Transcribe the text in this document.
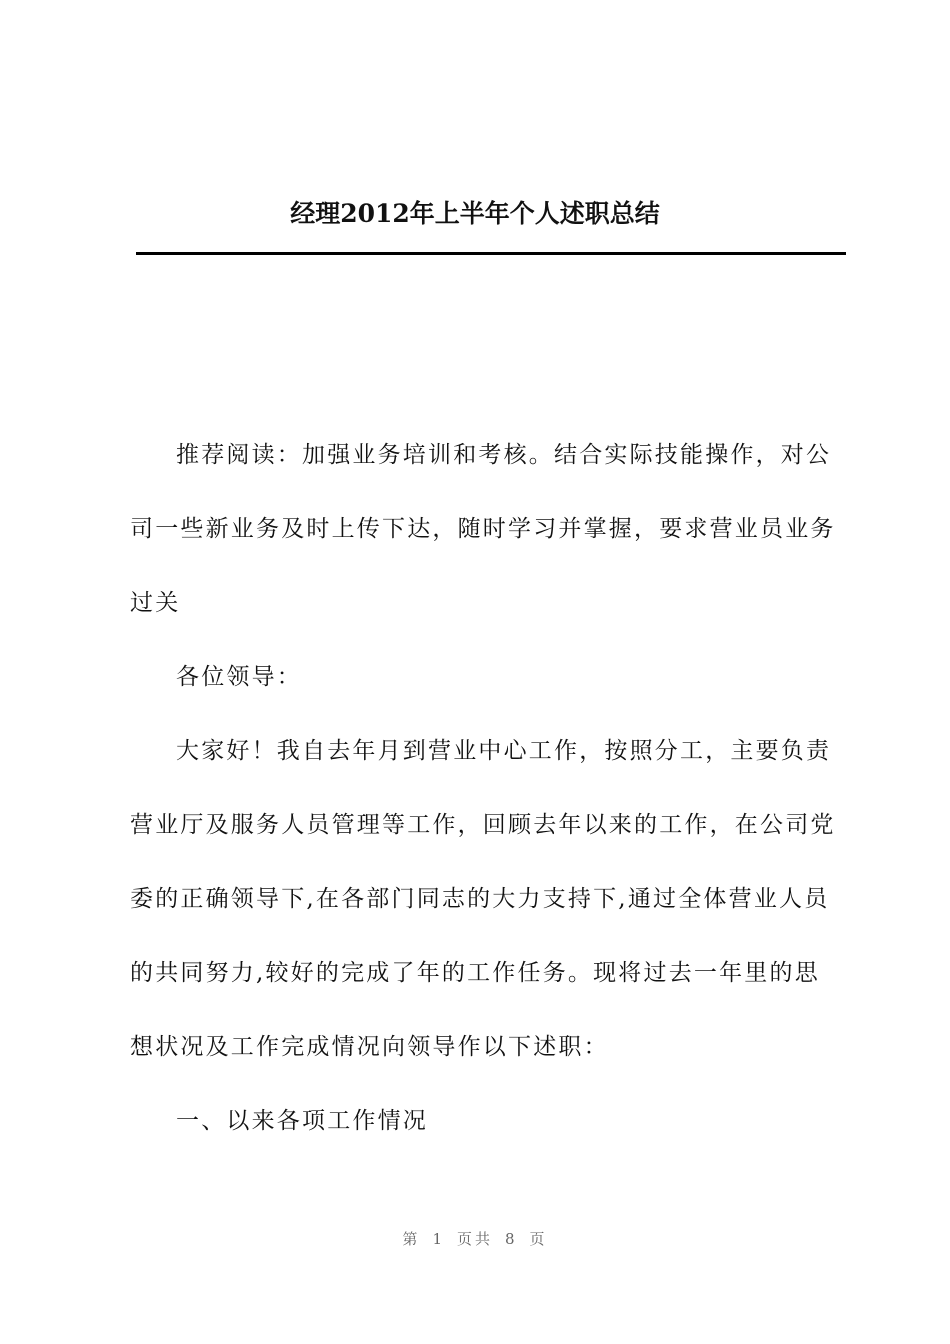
经理2012年上半年个人述职总结

推荐阅读：加强业务培训和考核。结合实际技能操作，对公司一些新业务及时上传下达，随时学习并掌握，要求营业员业务过关

各位领导：

大家好！我自去年月到营业中心工作，按照分工，主要负责营业厅及服务人员管理等工作，回顾去年以来的工作，在公司党委的正确领导下,在各部门同志的大力支持下,通过全体营业人员的共同努力,较好的完成了年的工作任务。现将过去一年里的思想状况及工作完成情况向领导作以下述职：

一、以来各项工作情况

第 1 页共 8 页
